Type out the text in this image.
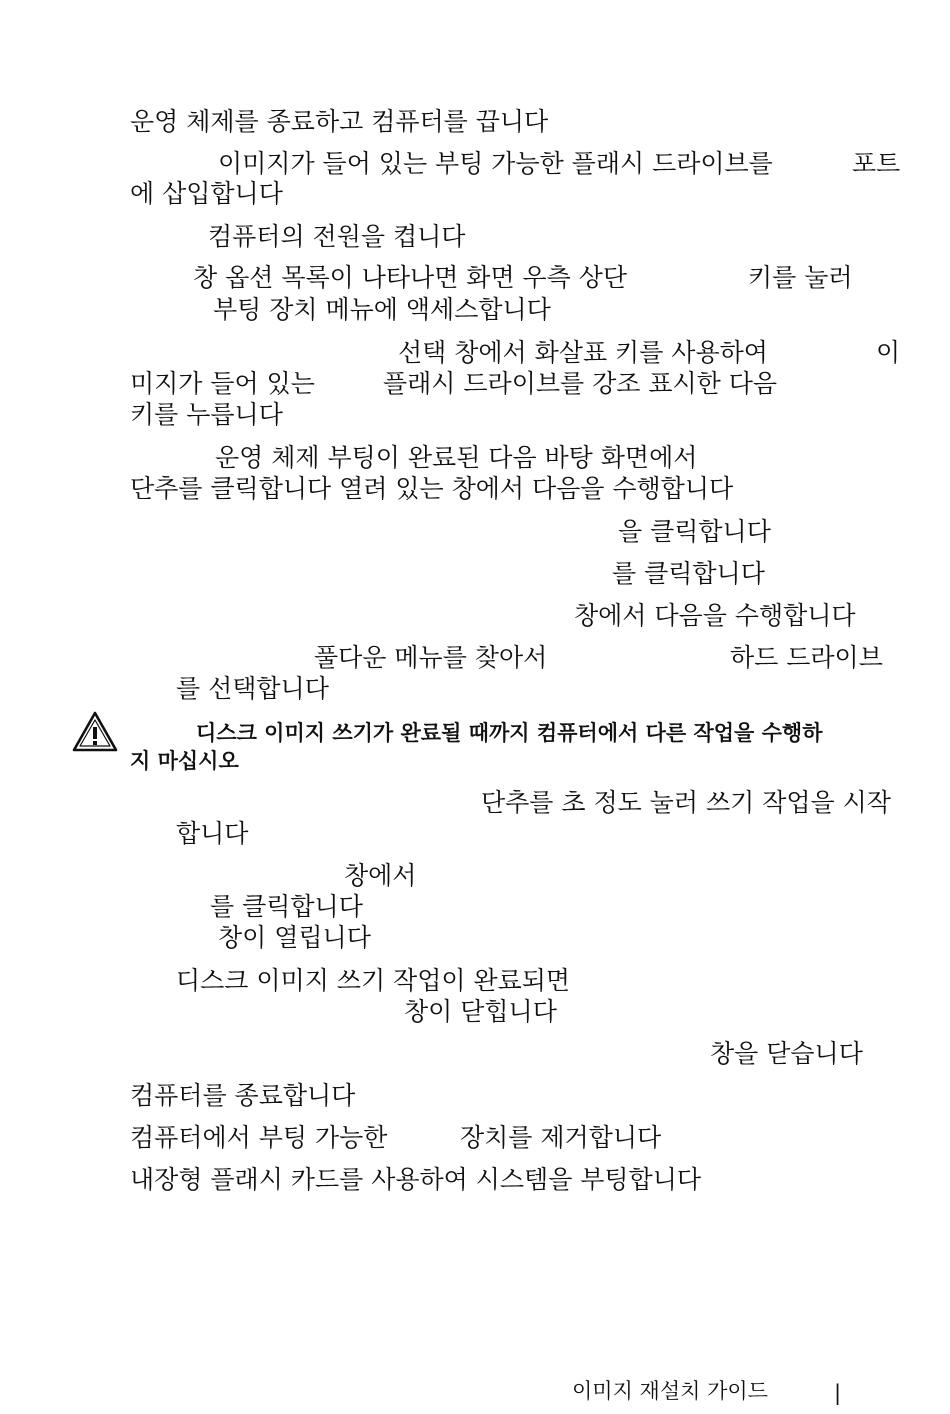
운영 체제를 종료하고 컴퓨터를 끕니다
이미지가 들어 있는 부팅 가능한 플래시 드라이브를	포트
에 삽입합니다
컴퓨터의 전원을 켭니다
창 옵션 목록이 나타나면 화면 우측 상단	키를 눌러
부팅 장치 메뉴에 액세스합니다
선택 창에서 화살표 키를 사용하여	이
미지가 들어 있는	플래시 드라이브를 강조 표시한 다음
키를 누릅니다
운영 체제 부팅이 완료된 다음 바탕 화면에서
단추를 클릭합니다 열려 있는 창에서 다음을 수행합니다
을 클릭합니다
를 클릭합니다
창에서 다음을 수행합니다
풀다운 메뉴를 찾아서	하드 드라이브
를 선택합니다
디스크 이미지 쓰기가 완료될 때까지 컴퓨터에서 다른 작업을 수행하
지 마십시오
단추를 초 정도 눌러 쓰기 작업을 시작
합니다
창에서
를 클릭합니다
창이 열립니다
디스크 이미지 쓰기 작업이 완료되면
창이 닫힙니다
창을 닫습니다
컴퓨터를 종료합니다
컴퓨터에서 부팅 가능한	장치를 제거합니다
내장형 플래시 카드를 사용하여 시스템을 부팅합니다
이미지 재설치 가이드	|
